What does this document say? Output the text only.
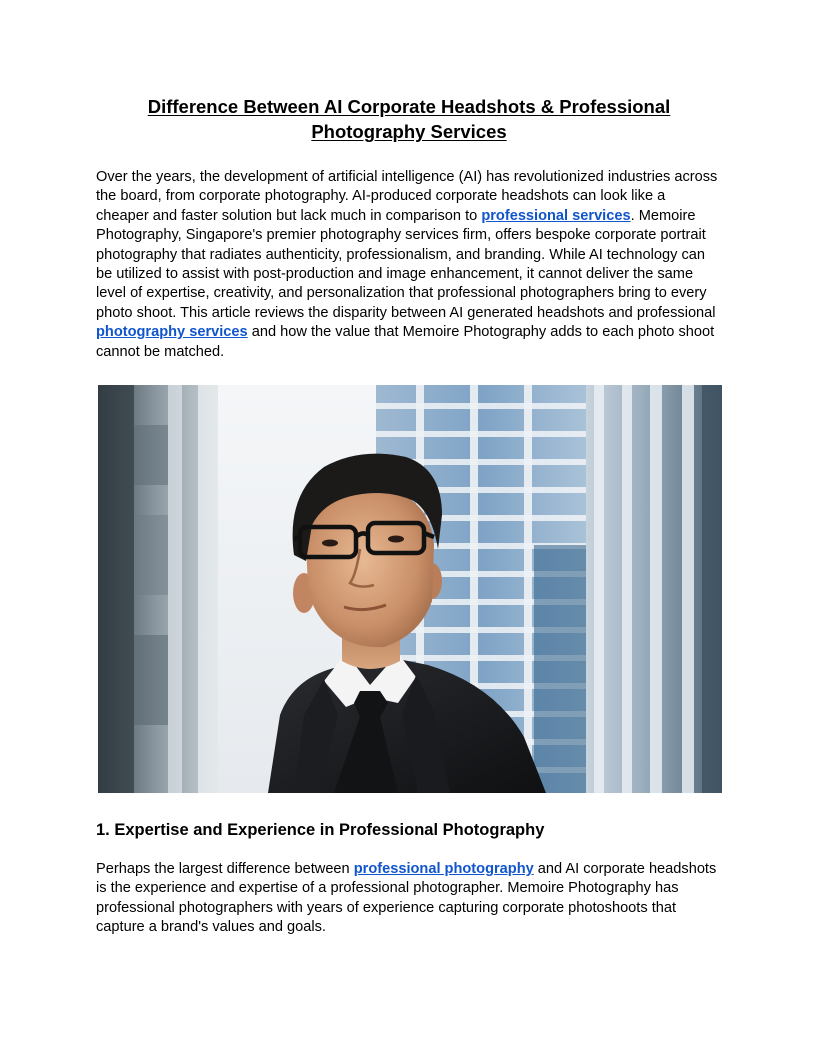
Difference Between AI Corporate Headshots & Professional Photography Services

Over the years, the development of artificial intelligence (AI) has revolutionized industries across the board, from corporate photography. AI-produced corporate headshots can look like a cheaper and faster solution but lack much in comparison to professional services. Memoire Photography, Singapore's premier photography services firm, offers bespoke corporate portrait photography that radiates authenticity, professionalism, and branding. While AI technology can be utilized to assist with post-production and image enhancement, it cannot deliver the same level of expertise, creativity, and personalization that professional photographers bring to every photo shoot. This article reviews the disparity between AI generated headshots and professional photography services and how the value that Memoire Photography adds to each photo shoot cannot be matched.

1. Expertise and Experience in Professional Photography

Perhaps the largest difference between professional photography and AI corporate headshots is the experience and expertise of a professional photographer. Memoire Photography has professional photographers with years of experience capturing corporate photoshoots that capture a brand's values and goals.
